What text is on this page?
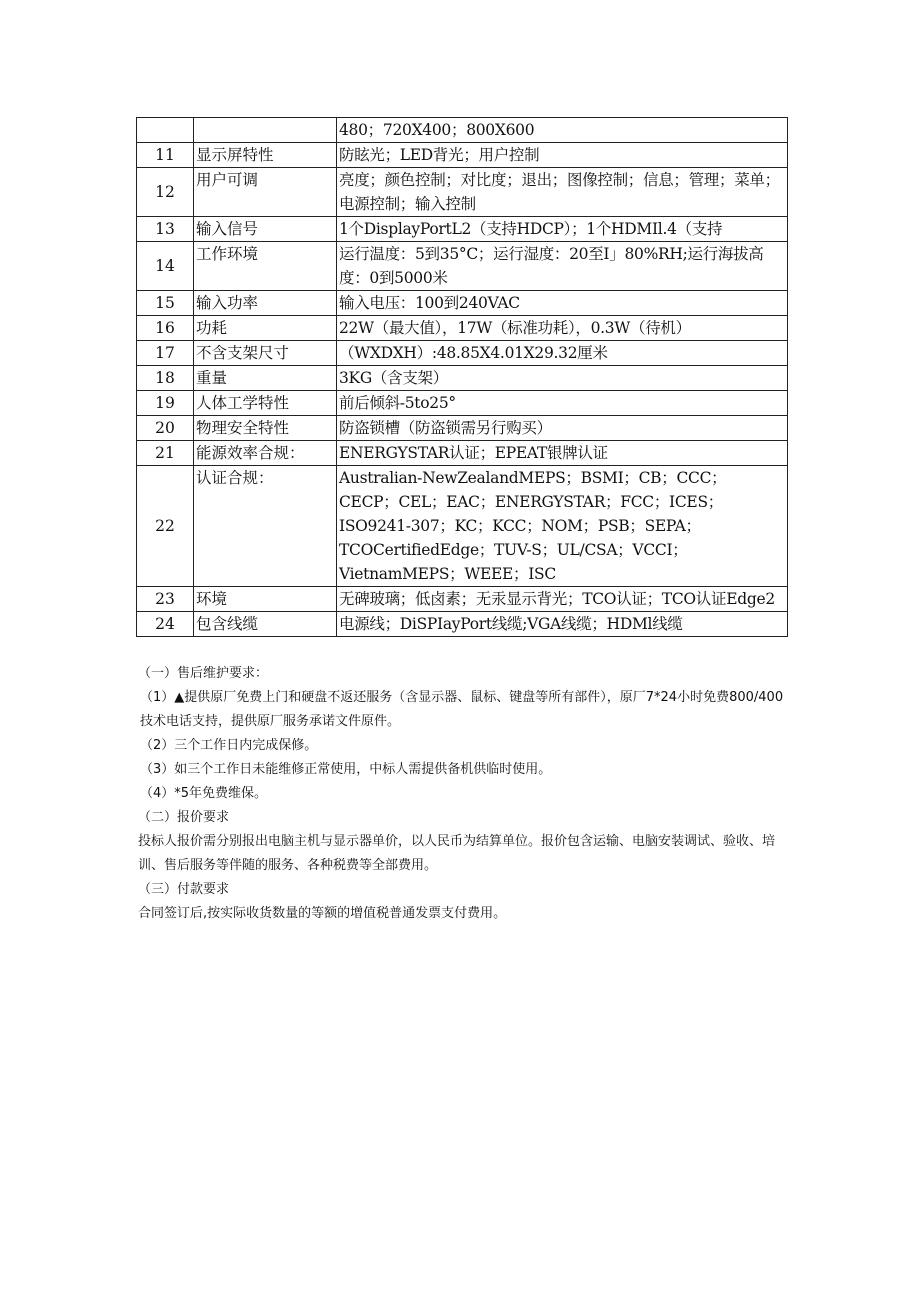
		480；720X400；800X600
11	显示屏特性	防眩光；LED背光；用户控制
12	用户可调	亮度；颜色控制；对比度；退出；图像控制；信息；管理；菜单；电源控制；输入控制
13	输入信号	1个DisplayPortL2（支持HDCP）；1个HDMIl.4（支持
14	工作环境	运行温度：5到35°C；运行湿度：20至I」80%RH;运行海拔高度：0到5000米
15	输入功率	输入电压：100到240VAC
16	功耗	22W（最大值），17W（标准功耗），0.3W（待机）
17	不含支架尺寸	（WXDXH）:48.85X4.01X29.32厘米
18	重量	3KG（含支架）
19	人体工学特性	前后倾斜-5to25°
20	物理安全特性	防盗锁槽（防盗锁需另行购买）
21	能源效率合规：	ENERGYSTAR认证；EPEAT银牌认证
22	认证合规：	Australian-NewZealandMEPS；BSMI；CB；CCC；CECP；CEL；EAC；ENERGYSTAR；FCC；ICES；ISO9241-307；KC；KCC；NOM；PSB；SEPA；TCOCertifiedEdge；TUV-S；UL/CSA；VCCI；VietnamMEPS；WEEE；ISC
23	环境	无碑玻璃；低卤素；无汞显示背光；TCO认证；TCO认证Edge2
24	包含线缆	电源线；DiSPIayPort线缆;VGA线缆；HDMl线缆

（一）售后维护要求：

（1）▲提供原厂免费上门和硬盘不返还服务（含显示器、鼠标、键盘等所有部件），原厂7*24小时免费800/400技术电话支持，提供原厂服务承诺文件原件。

（2）三个工作日内完成保修。

（3）如三个工作日未能维修正常使用，中标人需提供备机供临时使用。

（4）*5年免费维保。

（二）报价要求

投标人报价需分别报出电脑主机与显示器单价，以人民币为结算单位。报价包含运输、电脑安装调试、验收、培训、售后服务等伴随的服务、各种税费等全部费用。

（三）付款要求

合同签订后,按实际收货数量的等额的增值税普通发票支付费用。
